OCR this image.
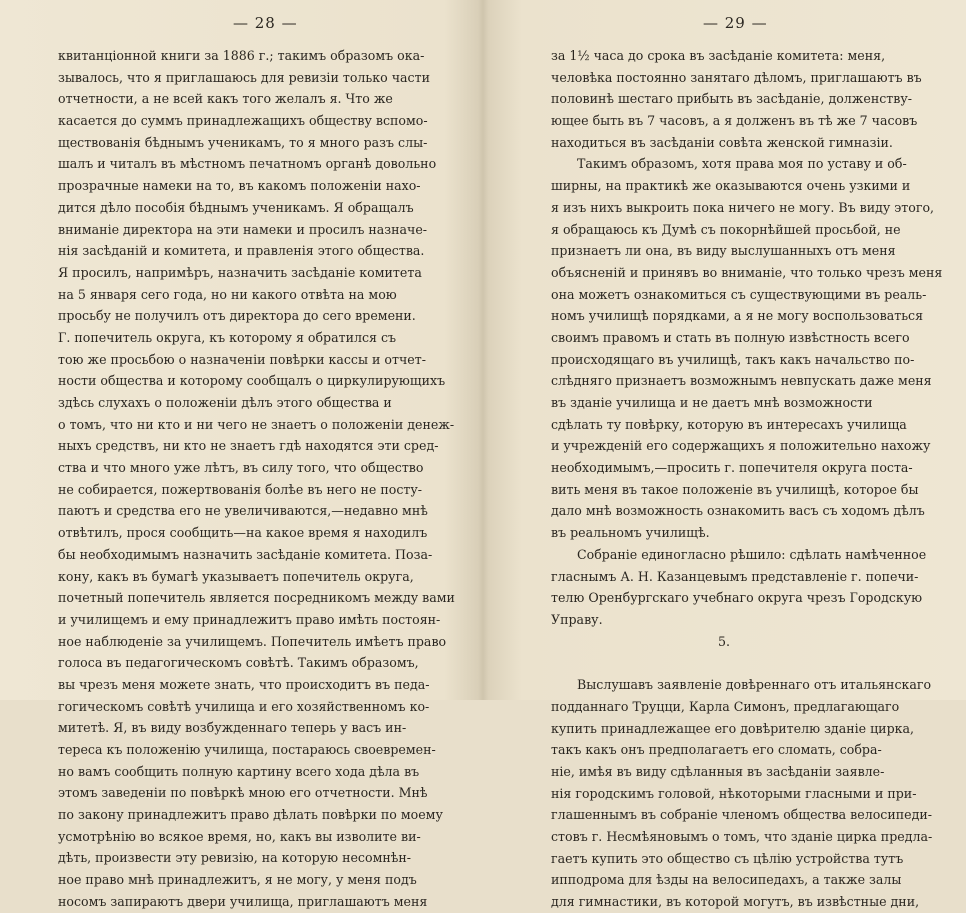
— 28 —
квитанціонной книги за 1886 г.; такимъ образомъ ока-
зывалось, что я приглашаюсь для ревизіи только части
отчетности, а не всей какъ того желалъ я. Что же
касается до суммъ принадлежащихъ обществу вспомо-
ществованія бѣднымъ ученикамъ, то я много разъ слы-
шалъ и читалъ въ мѣстномъ печатномъ органѣ довольно
прозрачные намеки на то, въ какомъ положеніи нахо-
дится дѣло пособія бѣднымъ ученикамъ. Я обращалъ
вниманіе директора на эти намеки и просилъ назначе-
нія засѣданій и комитета, и правленія этого общества.
Я просилъ, напримѣръ, назначить засѣданіе комитета
на 5 января сего года, но ни какого отвѣта на мою
просьбу не получилъ отъ директора до сего времени.
Г. попечитель округа, къ которому я обратился съ
тою же просьбою о назначеніи повѣрки кассы и отчет-
ности общества и которому сообщалъ о циркулирующихъ
здѣсь слухахъ о положеніи дѣлъ этого общества и
о томъ, что ни кто и ни чего не знаетъ о положеніи денеж-
ныхъ средствъ, ни кто не знаетъ гдѣ находятся эти сред-
ства и что много уже лѣтъ, въ силу того, что общество
не собирается, пожертвованія болѣе въ него не посту-
паютъ и средства его не увеличиваются,—недавно мнѣ
отвѣтилъ, прося сообщить—на какое время я находилъ
бы необходимымъ назначить засѣданіе комитета. Поза-
кону, какъ въ бумагѣ указываетъ попечитель округа,
почетный попечитель является посредникомъ между вами
и училищемъ и ему принадлежитъ право имѣть постоян-
ное наблюденіе за училищемъ. Попечитель имѣетъ право
голоса въ педагогическомъ совѣтѣ. Такимъ образомъ,
вы чрезъ меня можете знать, что происходитъ въ педа-
гогическомъ совѣтѣ училища и его хозяйственномъ ко-
митетѣ. Я, въ виду возбужденнаго теперь у васъ ин-
тереса къ положенію училища, постараюсь своевремен-
но вамъ сообщить полную картину всего хода дѣла въ
этомъ заведеніи по повѣркѣ мною его отчетности. Мнѣ
по закону принадлежитъ право дѣлать повѣрки по моему
усмотрѣнію во всякое время, но, какъ вы изволите ви-
дѣть, произвести эту ревизію, на которую несомнѣн-
ное право мнѣ принадлежитъ, я не могу, у меня подъ
носомъ запираютъ двери училища, приглашаютъ меня
— 29 —
за 1½ часа до срока въ засѣданіе комитета: меня,
человѣка постоянно занятаго дѣломъ, приглашаютъ въ
половинѣ шестаго прибыть въ засѣданіе, долженству-
ющее быть въ 7 часовъ, а я долженъ въ тѣ же 7 часовъ
находиться въ засѣданіи совѣта женской гимназіи.
Такимъ образомъ, хотя права моя по уставу и об-
ширны, на практикѣ же оказываются очень узкими и
я изъ нихъ выкроить пока ничего не могу. Въ виду этого,
я обращаюсь къ Думѣ съ покорнѣйшей просьбой, не
признаетъ ли она, въ виду выслушанныхъ отъ меня
объясненій и принявъ во вниманіе, что только чрезъ меня
она можетъ ознакомиться съ существующими въ реаль-
номъ училищѣ порядками, а я не могу воспользоваться
своимъ правомъ и стать въ полную извѣстность всего
происходящаго въ училищѣ, такъ какъ начальство по-
слѣдняго признаетъ возможнымъ невпускать даже меня
въ зданіе училища и не даетъ мнѣ возможности
сдѣлать ту повѣрку, которую въ интересахъ училища
и учрежденій его содержащихъ я положительно нахожу
необходимымъ,—просить г. попечителя округа поста-
вить меня въ такое положеніе въ училищѣ, которое бы
дало мнѣ возможность ознакомить васъ съ ходомъ дѣлъ
въ реальномъ училищѣ.
Собраніе единогласно рѣшило: сдѣлать намѣченное
гласнымъ А. Н. Казанцевымъ представленіе г. попечи-
телю Оренбургскаго учебнаго округа чрезъ Городскую
Управу.
5.
Выслушавъ заявленіе довѣреннаго отъ итальянскаго
подданнаго Труцци, Карла Симонъ, предлагающаго
купить принадлежащее его довѣрителю зданіе цирка,
такъ какъ онъ предполагаетъ его сломать, собра-
ніе, имѣя въ виду сдѣланныя въ засѣданіи заявле-
нія городскимъ головой, нѣкоторыми гласными и при-
глашеннымъ въ собраніе членомъ общества велосипеди-
стовъ г. Несмѣяновымъ о томъ, что зданіе цирка предла-
гаетъ купить это общество съ цѣлію устройства тутъ
ипподрома для ѣзды на велосипедахъ, а также залы
для гимнастики, въ которой могутъ, въ извѣстные дни,
